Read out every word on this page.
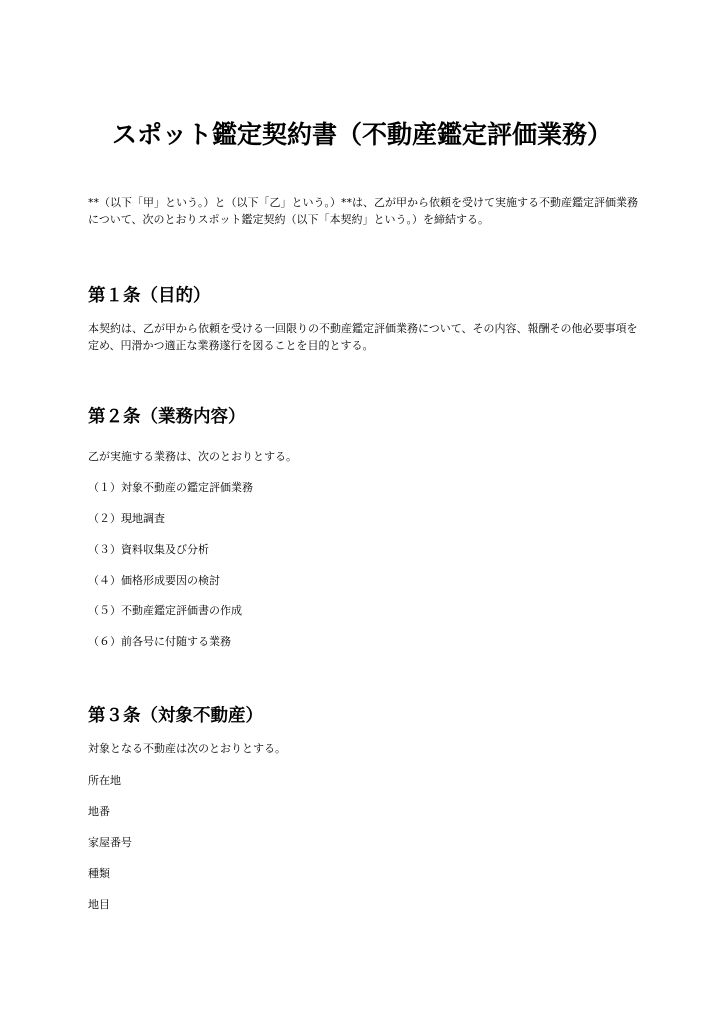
スポット鑑定契約書（不動産鑑定評価業務）

**（以下「甲」という。）と（以下「乙」という。）**は、乙が甲から依頼を受けて実施する不動産鑑定評価業務について、次のとおりスポット鑑定契約（以下「本契約」という。）を締結する。

第１条（目的）

本契約は、乙が甲から依頼を受ける一回限りの不動産鑑定評価業務について、その内容、報酬その他必要事項を定め、円滑かつ適正な業務遂行を図ることを目的とする。

第２条（業務内容）

乙が実施する業務は、次のとおりとする。

（１）対象不動産の鑑定評価業務

（２）現地調査

（３）資料収集及び分析

（４）価格形成要因の検討

（５）不動産鑑定評価書の作成

（６）前各号に付随する業務

第３条（対象不動産）

対象となる不動産は次のとおりとする。

所在地

地番

家屋番号

種類

地目
